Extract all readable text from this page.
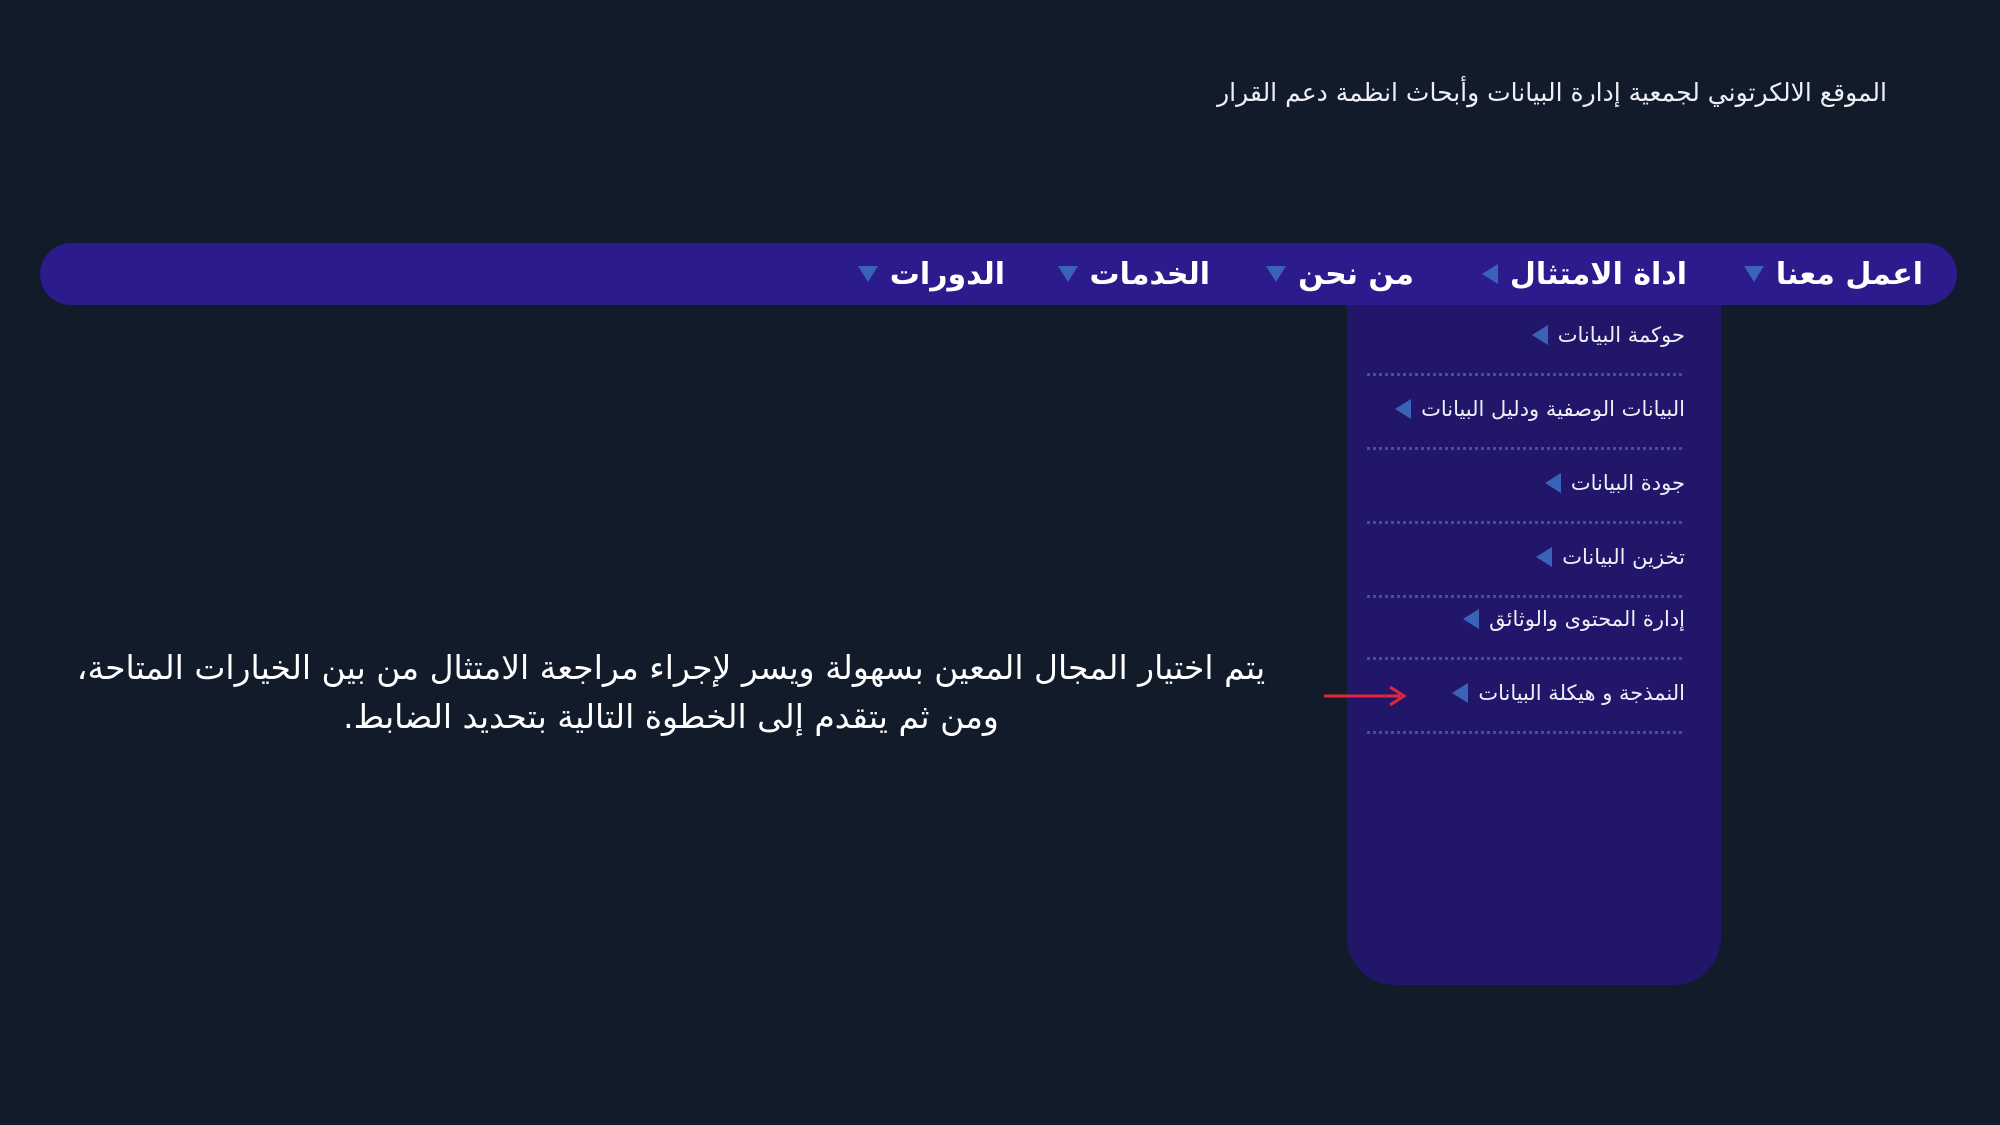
الموقع الالكرتوني لجمعية إدارة البيانات وأبحاث انظمة دعم القرار
اعمل معنا
اداة الامتثال
من نحن
الخدمات
الدورات
حوكمة البيانات
البيانات الوصفية ودليل البيانات
جودة البيانات
تخزين البيانات
إدارة المحتوى والوثائق
النمذجة و هيكلة البيانات
يتم اختيار المجال المعين بسهولة ويسر لإجراء مراجعة الامتثال من بين الخيارات المتاحة،
ومن ثم يتقدم إلى الخطوة التالية بتحديد الضابط.
